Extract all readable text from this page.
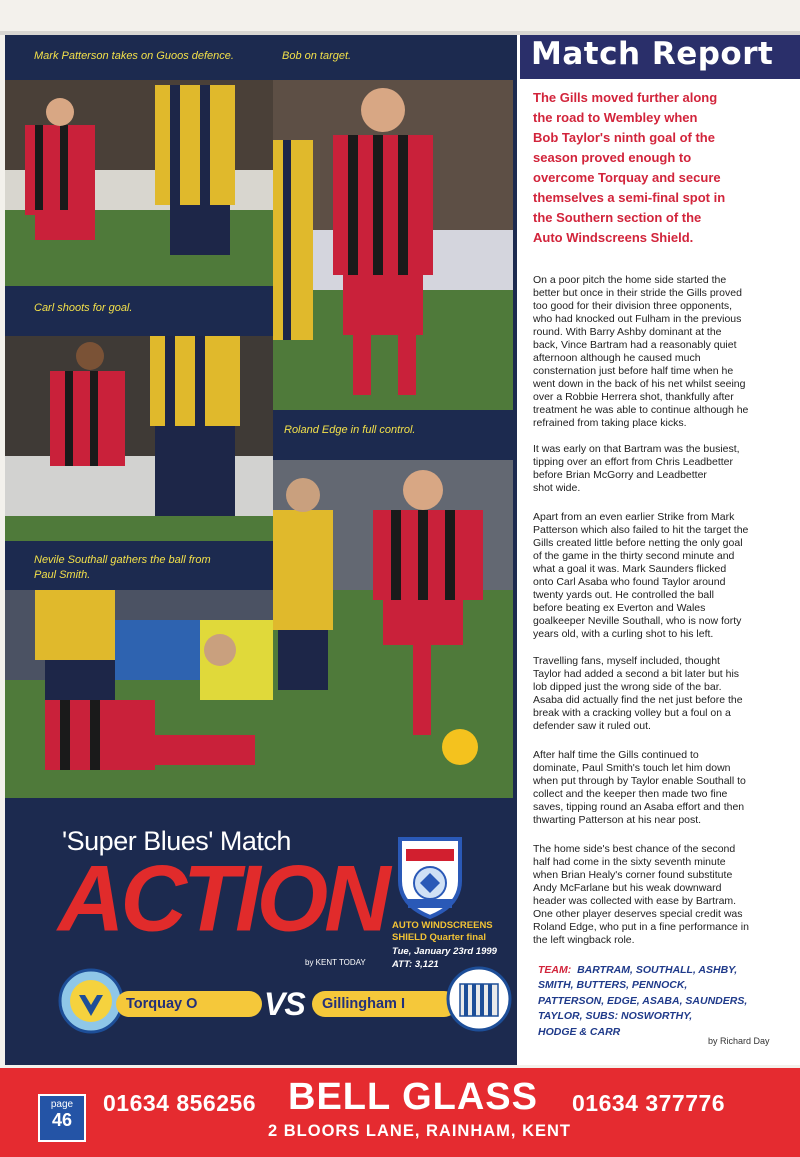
Mark Patterson takes on Guoos defence.	Bob on target.
Carl shoots for goal.
Roland Edge in full control.
Nevile Southall gathers the ball from
Paul Smith.
'Super Blues' Match
ACTION
by KENT TODAY
AUTO WINDSCREENS
SHIELD Quarter final
Tue, January 23rd 1999
ATT: 3,121
Torquay O	VS	Gillingham I
Match Report
The Gills moved further along
the road to Wembley when
Bob Taylor's ninth goal of the
season proved enough to
overcome Torquay and secure
themselves a semi-final spot in
the Southern section of the
Auto Windscreens Shield.
On a poor pitch the home side started the
better but once in their stride the Gills proved
too good for their division three opponents,
who had knocked out Fulham in the previous
round. With Barry Ashby dominant at the
back, Vince Bartram had a reasonably quiet
afternoon although he caused much
consternation just before half time when he
went down in the back of his net whilst seeing
over a Robbie Herrera shot, thankfully after
treatment he was able to continue although he
refrained from taking place kicks.
It was early on that Bartram was the busiest,
tipping over an effort from Chris Leadbetter
before Brian McGorry and Leadbetter
shot wide.
Apart from an even earlier Strike from Mark
Patterson which also failed to hit the target the
Gills created little before netting the only goal
of the game in the thirty second minute and
what a goal it was. Mark Saunders flicked
onto Carl Asaba who found Taylor around
twenty yards out. He controlled the ball
before beating ex Everton and Wales
goalkeeper Neville Southall, who is now forty
years old, with a curling shot to his left.
Travelling fans, myself included, thought
Taylor had added a second a bit later but his
lob dipped just the wrong side of the bar.
Asaba did actually find the net just before the
break with a cracking volley but a foul on a
defender saw it ruled out.
After half time the Gills continued to
dominate, Paul Smith's touch let him down
when put through by Taylor enable Southall to
collect and the keeper then made two fine
saves, tipping round an Asaba effort and then
thwarting Patterson at his near post.
The home side's best chance of the second
half had come in the sixty seventh minute
when Brian Healy's corner found substitute
Andy McFarlane but his weak downward
header was collected with ease by Bartram.
One other player deserves special credit was
Roland Edge, who put in a fine performance in
the left wingback role.
TEAM: BARTRAM, SOUTHALL, ASHBY,
SMITH, BUTTERS, PENNOCK,
PATTERSON, EDGE, ASABA, SAUNDERS,
TAYLOR, SUBS: NOSWORTHY,
HODGE & CARR
by Richard Day
page
46
01634 856256 BELL GLASS 01634 377776
2 BLOORS LANE, RAINHAM, KENT
